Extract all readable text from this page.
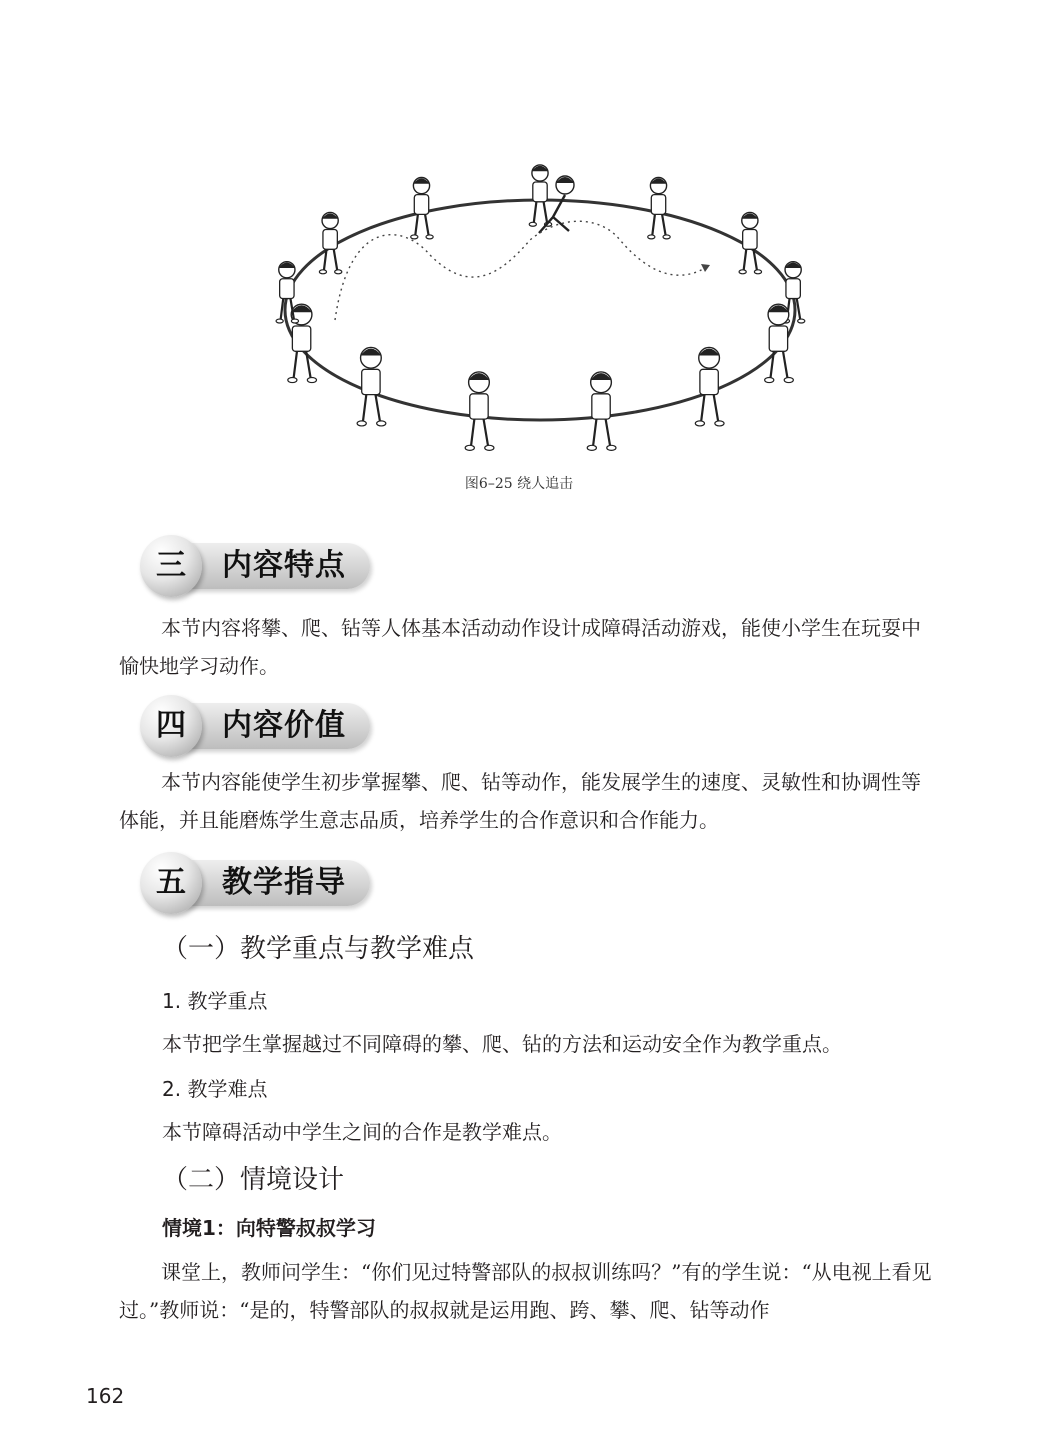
图6–25 绕人追击
三	内容特点

本节内容将攀、爬、钻等人体基本活动动作设计成障碍活动游戏，能使小学生在玩耍中愉快地学习动作。

四	内容价值

本节内容能使学生初步掌握攀、爬、钻等动作，能发展学生的速度、灵敏性和协调性等体能，并且能磨炼学生意志品质，培养学生的合作意识和合作能力。

五	教学指导
（一）教学重点与教学难点
1. 教学重点
本节把学生掌握越过不同障碍的攀、爬、钻的方法和运动安全作为教学重点。
2. 教学难点
本节障碍活动中学生之间的合作是教学难点。
（二）情境设计
情境1：向特警叔叔学习

课堂上，教师问学生：“你们见过特警部队的叔叔训练吗？”有的学生说：“从电视上看见过。”教师说：“是的，特警部队的叔叔就是运用跑、跨、攀、爬、钻等动作

162
